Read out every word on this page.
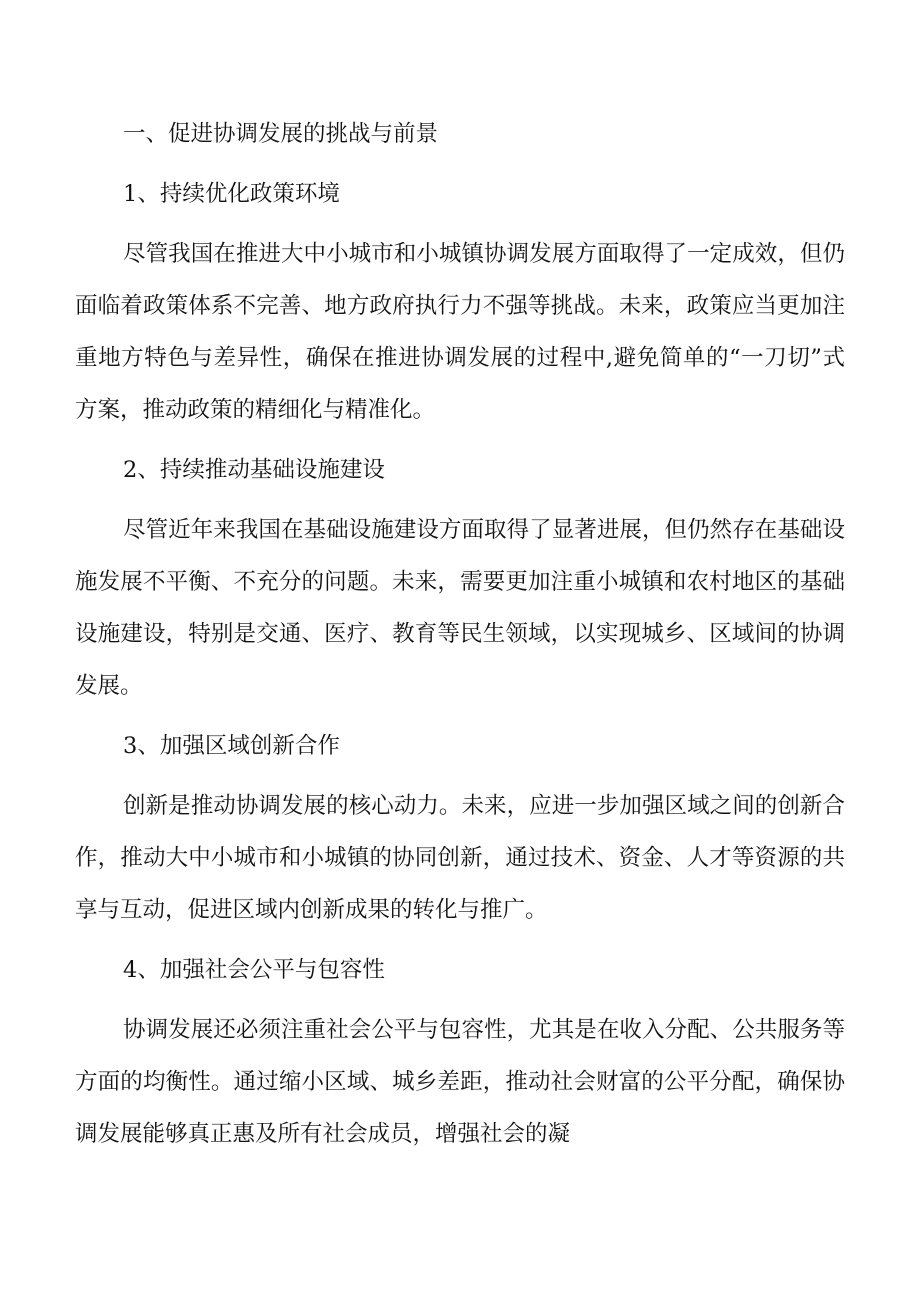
一、促进协调发展的挑战与前景

1、持续优化政策环境

尽管我国在推进大中小城市和小城镇协调发展方面取得了一定成效，但仍面临着政策体系不完善、地方政府执行力不强等挑战。未来，政策应当更加注重地方特色与差异性，确保在推进协调发展的过程中,避免简单的“一刀切”式方案，推动政策的精细化与精准化。

2、持续推动基础设施建设

尽管近年来我国在基础设施建设方面取得了显著进展，但仍然存在基础设施发展不平衡、不充分的问题。未来，需要更加注重小城镇和农村地区的基础设施建设，特别是交通、医疗、教育等民生领域，以实现城乡、区域间的协调发展。

3、加强区域创新合作

创新是推动协调发展的核心动力。未来，应进一步加强区域之间的创新合作，推动大中小城市和小城镇的协同创新，通过技术、资金、人才等资源的共享与互动，促进区域内创新成果的转化与推广。

4、加强社会公平与包容性

协调发展还必须注重社会公平与包容性，尤其是在收入分配、公共服务等方面的均衡性。通过缩小区域、城乡差距，推动社会财富的公平分配，确保协调发展能够真正惠及所有社会成员，增强社会的凝
